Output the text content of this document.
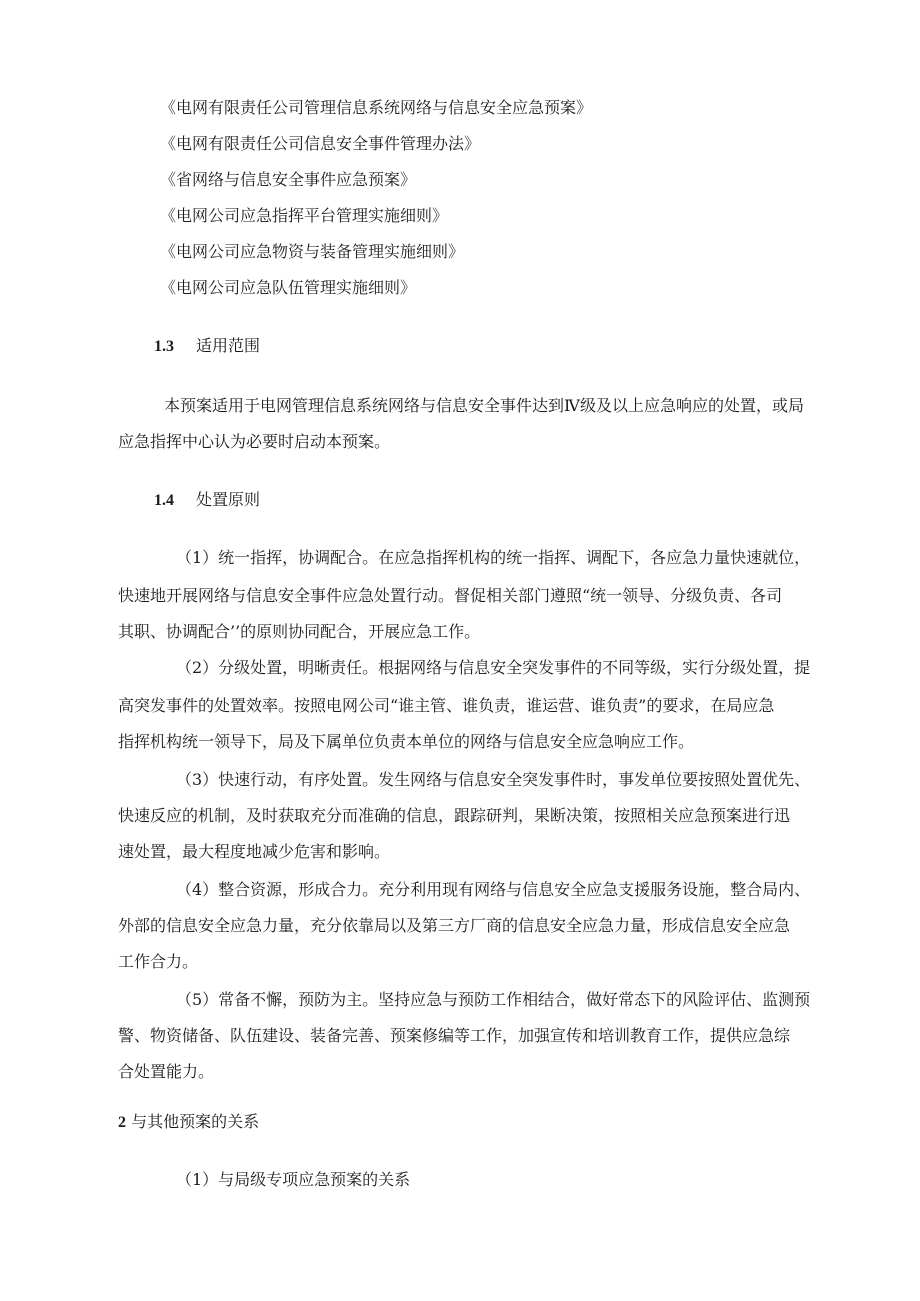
《电网有限责任公司管理信息系统网络与信息安全应急预案》
《电网有限责任公司信息安全事件管理办法》
《省网络与信息安全事件应急预案》
《电网公司应急指挥平台管理实施细则》
《电网公司应急物资与装备管理实施细则》
《电网公司应急队伍管理实施细则》
1.3 适用范围
本预案适用于电网管理信息系统网络与信息安全事件达到Ⅳ级及以上应急响应的处置，或局
应急指挥中心认为必要时启动本预案。
1.4 处置原则
（1）统一指挥，协调配合。在应急指挥机构的统一指挥、调配下，各应急力量快速就位，
快速地开展网络与信息安全事件应急处置行动。督促相关部门遵照“统一领导、分级负责、各司
其职、协调配合’’的原则协同配合，开展应急工作。
（2）分级处置，明晰责任。根据网络与信息安全突发事件的不同等级，实行分级处置，提
高突发事件的处置效率。按照电网公司“谁主管、谁负责，谁运营、谁负责”的要求，在局应急
指挥机构统一领导下，局及下属单位负责本单位的网络与信息安全应急响应工作。
（3）快速行动，有序处置。发生网络与信息安全突发事件时，事发单位要按照处置优先、
快速反应的机制，及时获取充分而准确的信息，跟踪研判，果断决策，按照相关应急预案进行迅
速处置，最大程度地减少危害和影响。
（4）整合资源，形成合力。充分利用现有网络与信息安全应急支援服务设施，整合局内、
外部的信息安全应急力量，充分依靠局以及第三方厂商的信息安全应急力量，形成信息安全应急
工作合力。
（5）常备不懈，预防为主。坚持应急与预防工作相结合，做好常态下的风险评估、监测预
警、物资储备、队伍建设、装备完善、预案修编等工作，加强宣传和培训教育工作，提供应急综
合处置能力。
2 与其他预案的关系
（1）与局级专项应急预案的关系
